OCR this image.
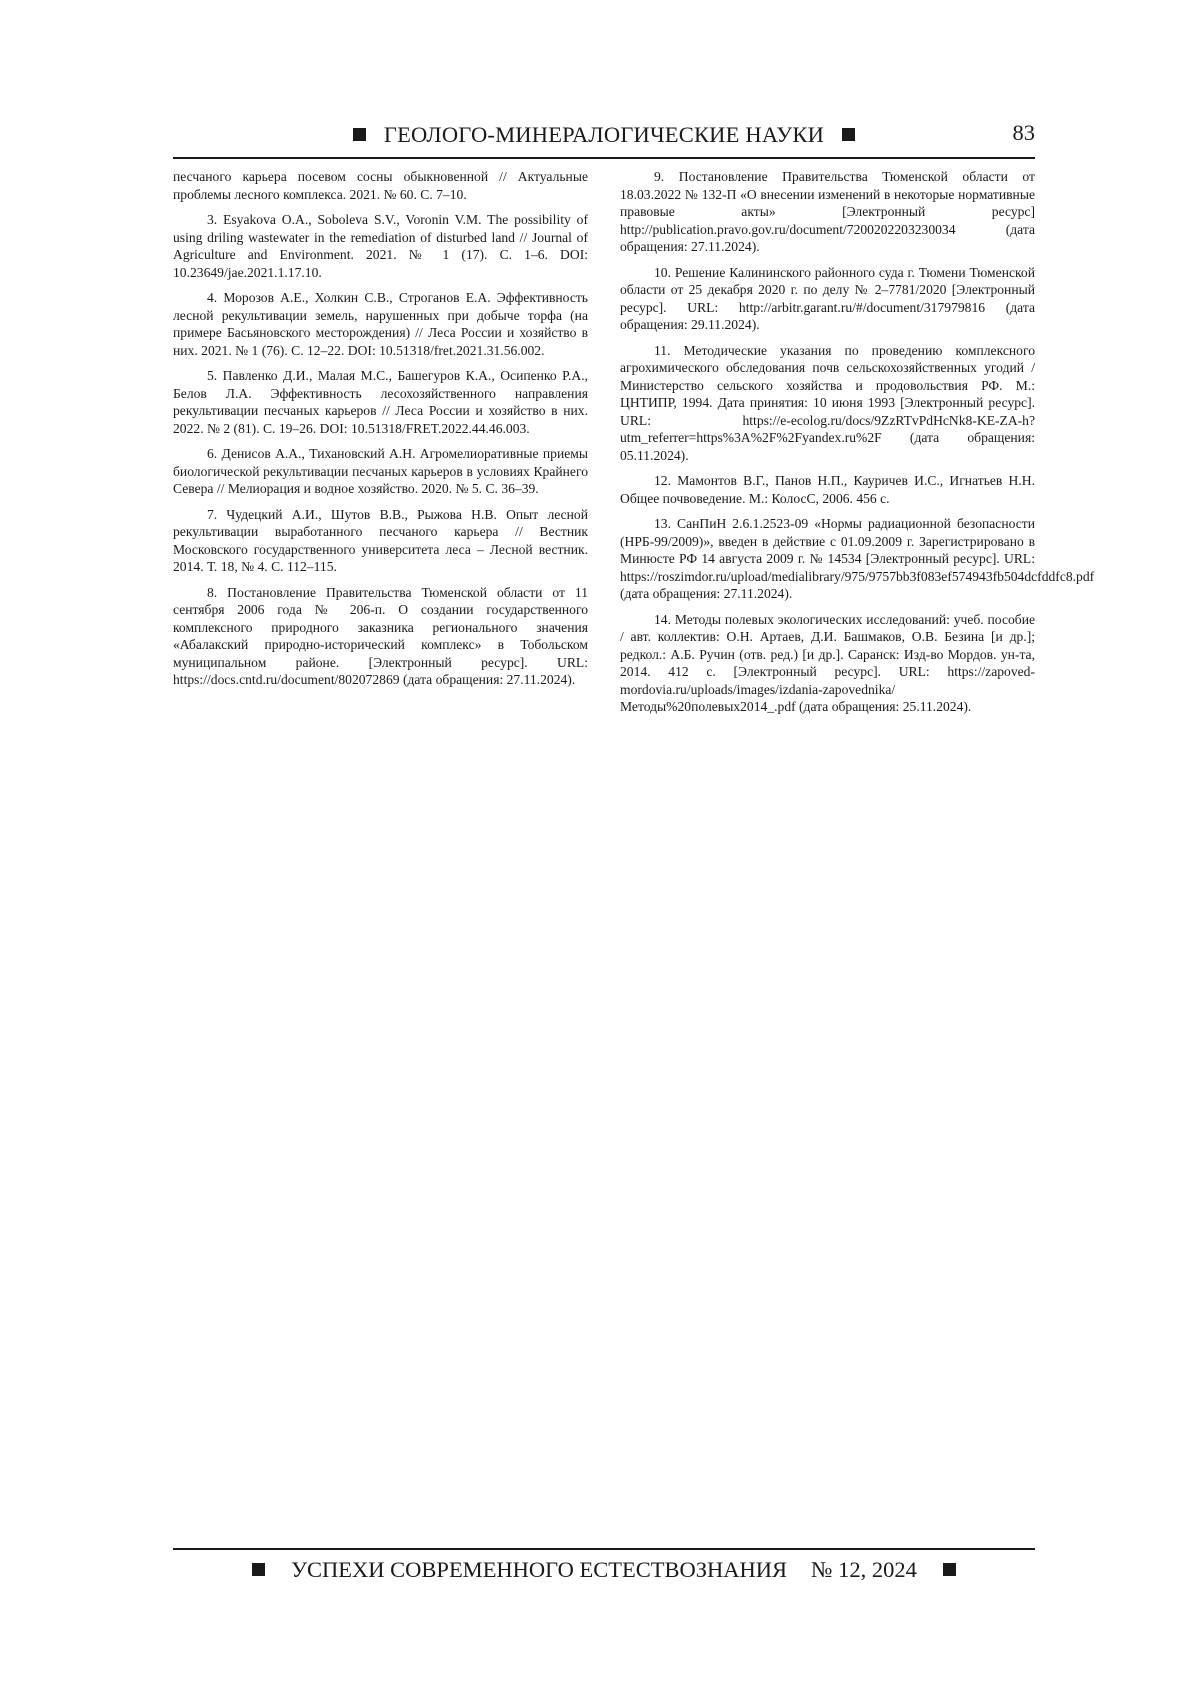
ГЕОЛОГО-МИНЕРАЛОГИЧЕСКИЕ НАУКИ	83

песчаного карьера посевом сосны обыкновенной // Актуальные проблемы лесного комплекса. 2021. № 60. С. 7–10.

3. Esyakova O.A., Soboleva S.V., Voronin V.M. The possibility of using driling wastewater in the remediation of disturbed land // Journal of Agriculture and Environment. 2021. № 1 (17). С. 1–6. DOI: 10.23649/jae.2021.1.17.10.

4. Морозов А.Е., Холкин С.В., Строганов Е.А. Эффективность лесной рекультивации земель, нарушенных при добыче торфа (на примере Басьяновского месторождения) // Леса России и хозяйство в них. 2021. № 1 (76). С. 12–22. DOI: 10.51318/fret.2021.31.56.002.

5. Павленко Д.И., Малая М.С., Башегуров К.А., Осипенко Р.А., Белов Л.А. Эффективность лесохозяйственного направления рекультивации песчаных карьеров // Леса России и хозяйство в них. 2022. № 2 (81). С. 19–26. DOI: 10.51318/FRET.2022.44.46.003.

6. Денисов А.А., Тихановский А.Н. Агромелиоративные приемы биологической рекультивации песчаных карьеров в условиях Крайнего Севера // Мелиорация и водное хозяйство. 2020. № 5. С. 36–39.

7. Чудецкий А.И., Шутов В.В., Рыжова Н.В. Опыт лесной рекультивации выработанного песчаного карьера // Вестник Московского государственного университета леса – Лесной вестник. 2014. Т. 18, № 4. С. 112–115.

8. Постановление Правительства Тюменской области от 11 сентября 2006 года № 206-п. О создании государственного комплексного природного заказника регионального значения «Абалакский природно-исторический комплекс» в Тобольском муниципальном районе. [Электронный ресурс]. URL: https://docs.cntd.ru/document/802072869 (дата обращения: 27.11.2024).

9. Постановление Правительства Тюменской области от 18.03.2022 № 132-П «О внесении изменений в некоторые нормативные правовые акты» [Электронный ресурс] http://publication.pravo.gov.ru/document/7200202203230034 (дата обращения: 27.11.2024).

10. Решение Калининского районного суда г. Тюмени Тюменской области от 25 декабря 2020 г. по делу № 2–7781/2020 [Электронный ресурс]. URL: http://arbitr.garant.ru/#/document/317979816 (дата обращения: 29.11.2024).

11. Методические указания по проведению комплексного агрохимического обследования почв сельскохозяйственных угодий / Министерство сельского хозяйства и продовольствия РФ. М.: ЦНТИПР, 1994. Дата принятия: 10 июня 1993 [Электронный ресурс]. URL: https://e-ecolog.ru/docs/9ZzRTvPdHcNk8-KE-ZA-h?utm_referrer=https%3A%2F%2Fyandex.ru%2F (дата обращения: 05.11.2024).

12. Мамонтов В.Г., Панов Н.П., Кауричев И.С., Игнатьев Н.Н. Общее почвоведение. М.: КолосС, 2006. 456 с.

13. СанПиН 2.6.1.2523-09 «Нормы радиационной безопасности (НРБ-99/2009)», введен в действие с 01.09.2009 г. Зарегистрировано в Минюсте РФ 14 августа 2009 г. № 14534 [Электронный ресурс]. URL: https://roszimdor.ru/upload/medialibrary/975/9757bb3f083ef574943fb504dcfddfc8.pdf (дата обращения: 27.11.2024).

14. Методы полевых экологических исследований: учеб. пособие / авт. коллектив: О.Н. Артаев, Д.И. Башмаков, О.В. Безина [и др.]; редкол.: А.Б. Ручин (отв. ред.) [и др.]. Саранск: Изд-во Мордов. ун-та, 2014. 412 с. [Электронный ресурс]. URL: https://zapoved-mordovia.ru/uploads/images/izdania-zapovednika/Методы%20полевых2014_.pdf (дата обращения: 25.11.2024).

УСПЕХИ СОВРЕМЕННОГО ЕСТЕСТВОЗНАНИЯ № 12, 2024
